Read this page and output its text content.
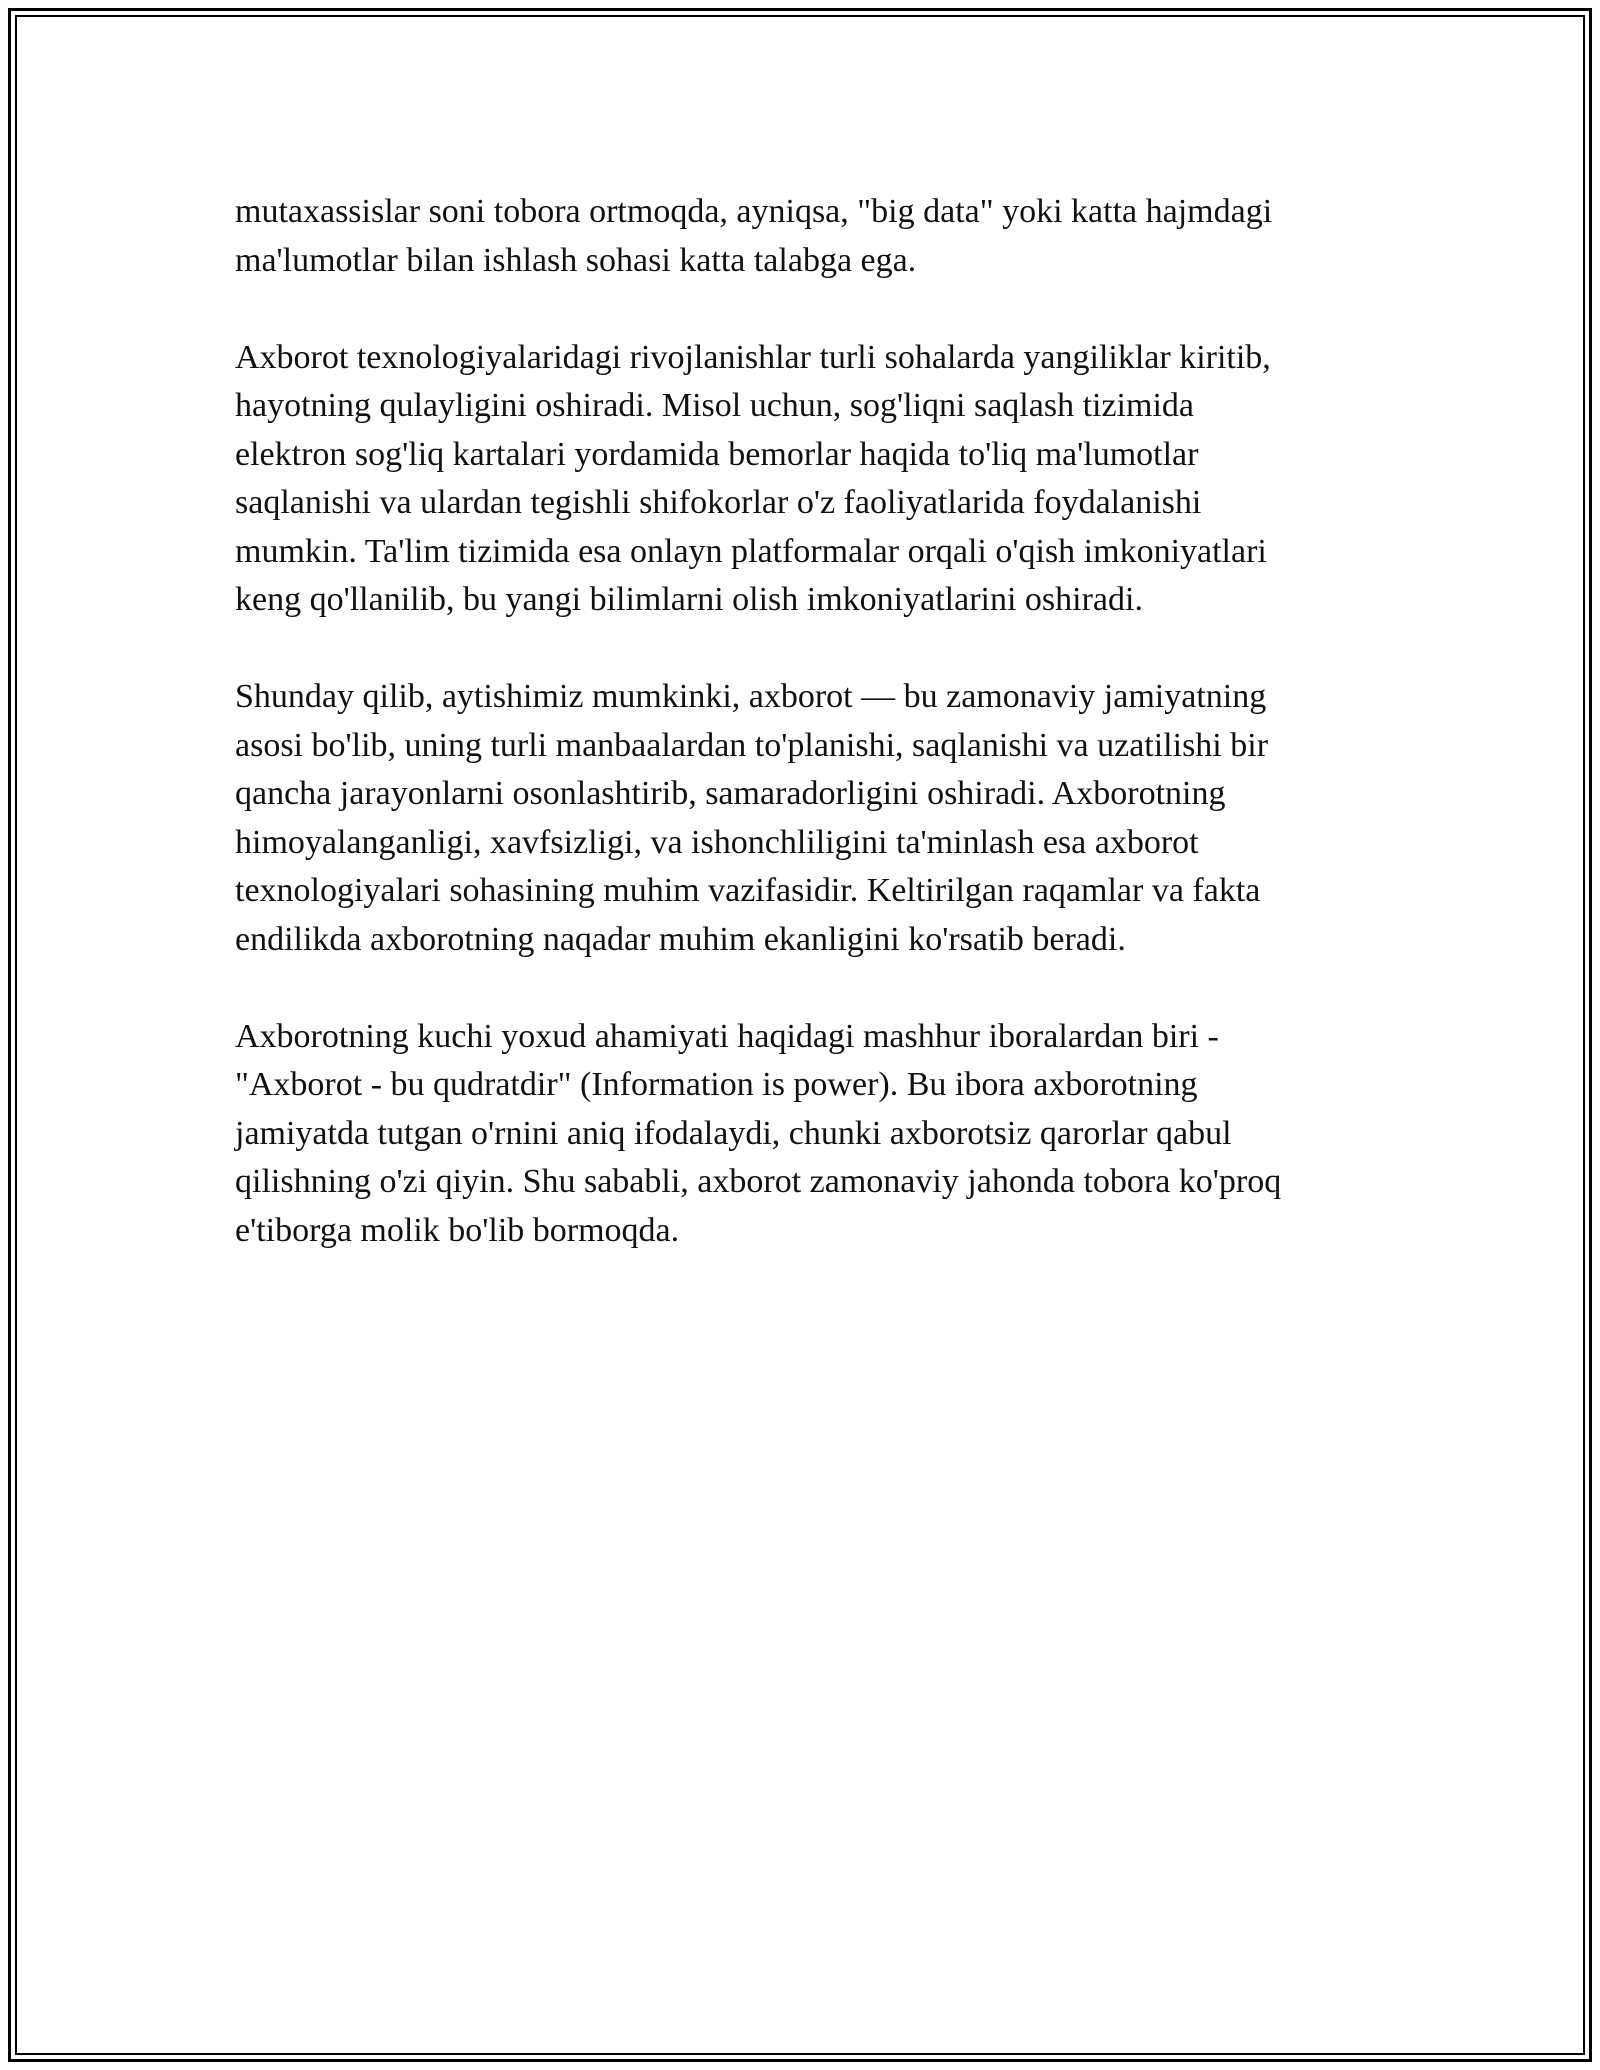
mutaxassislar soni tobora ortmoqda, ayniqsa, "big data" yoki katta hajmdagi
ma'lumotlar bilan ishlash sohasi katta talabga ega.

Axborot texnologiyalaridagi rivojlanishlar turli sohalarda yangiliklar kiritib,
hayotning qulayligini oshiradi. Misol uchun, sog'liqni saqlash tizimida
elektron sog'liq kartalari yordamida bemorlar haqida to'liq ma'lumotlar
saqlanishi va ulardan tegishli shifokorlar o'z faoliyatlarida foydalanishi
mumkin. Ta'lim tizimida esa onlayn platformalar orqali o'qish imkoniyatlari
keng qo'llanilib, bu yangi bilimlarni olish imkoniyatlarini oshiradi.

Shunday qilib, aytishimiz mumkinki, axborot — bu zamonaviy jamiyatning
asosi bo'lib, uning turli manbaalardan to'planishi, saqlanishi va uzatilishi bir
qancha jarayonlarni osonlashtirib, samaradorligini oshiradi. Axborotning
himoyalanganligi, xavfsizligi, va ishonchliligini ta'minlash esa axborot
texnologiyalari sohasining muhim vazifasidir. Keltirilgan raqamlar va fakta
endilikda axborotning naqadar muhim ekanligini ko'rsatib beradi.

Axborotning kuchi yoxud ahamiyati haqidagi mashhur iboralardan biri -
"Axborot - bu qudratdir" (Information is power). Bu ibora axborotning
jamiyatda tutgan o'rnini aniq ifodalaydi, chunki axborotsiz qarorlar qabul
qilishning o'zi qiyin. Shu sababli, axborot zamonaviy jahonda tobora ko'proq
e'tiborga molik bo'lib bormoqda.
